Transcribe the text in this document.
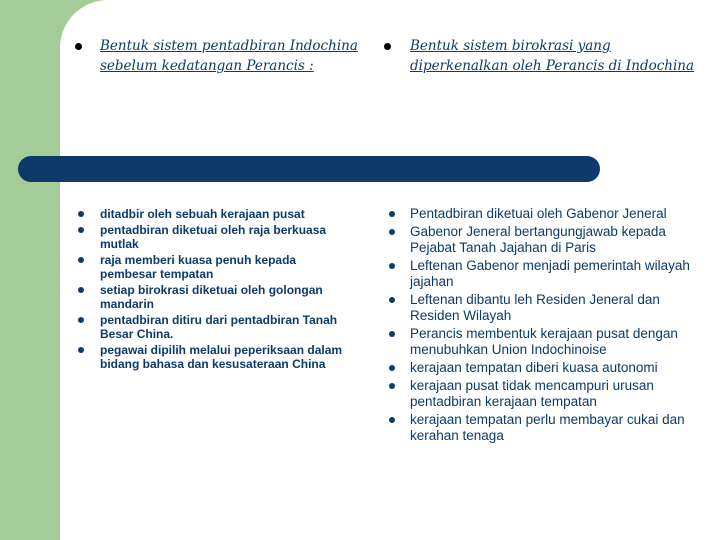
Bentuk sistem pentadbiran Indochina sebelum kedatangan Perancis :
Bentuk sistem birokrasi yang diperkenalkan oleh Perancis di Indochina
ditadbir oleh sebuah kerajaan pusat
pentadbiran diketuai oleh raja berkuasa mutlak
raja memberi kuasa penuh kepada pembesar tempatan
setiap birokrasi diketuai oleh golongan mandarin
pentadbiran ditiru dari pentadbiran Tanah Besar China.
pegawai dipilih melalui peperiksaan dalam bidang bahasa dan kesusateraan China
Pentadbiran diketuai oleh Gabenor Jeneral
Gabenor Jeneral bertangungjawab kepada Pejabat Tanah Jajahan di Paris
Leftenan Gabenor menjadi pemerintah wilayah jajahan
Leftenan dibantu leh Residen Jeneral dan Residen Wilayah
Perancis membentuk kerajaan pusat dengan menubuhkan Union Indochinoise
kerajaan tempatan diberi kuasa autonomi
kerajaan pusat tidak mencampuri urusan pentadbiran kerajaan tempatan
kerajaan tempatan perlu membayar cukai dan kerahan tenaga
